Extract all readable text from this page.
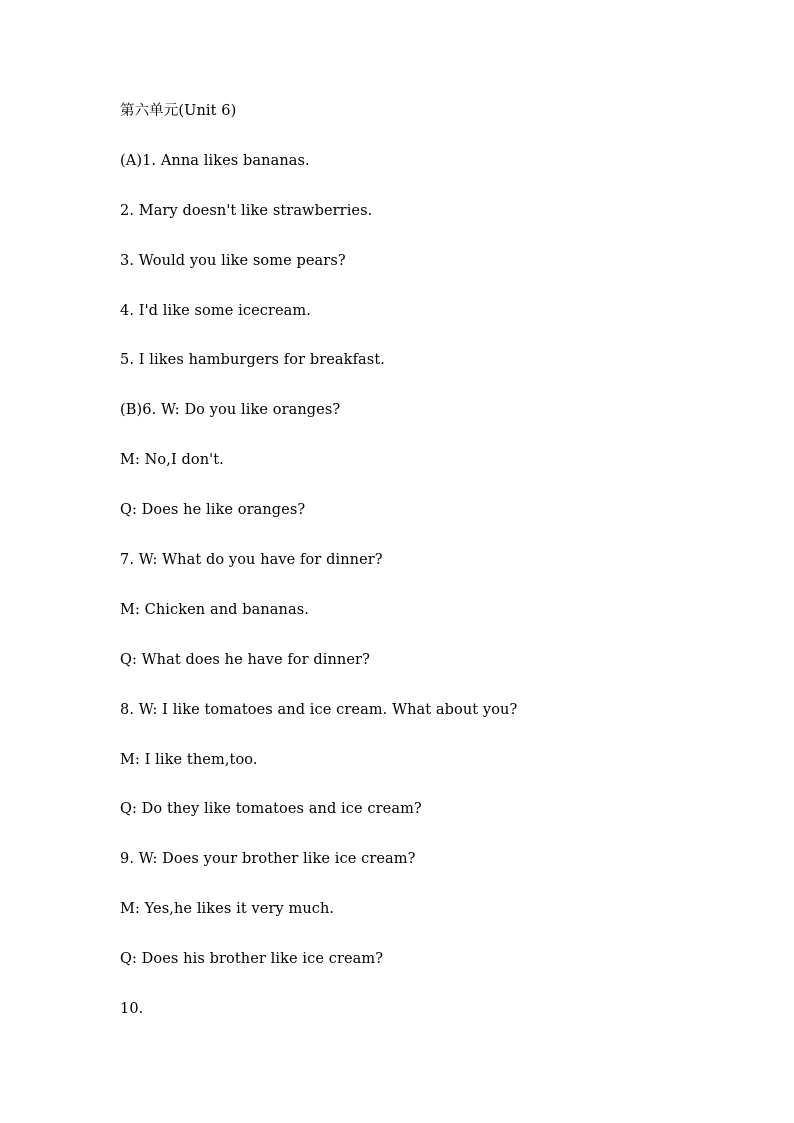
第六单元(Unit 6)
(A)1. Anna likes bananas.
2. Mary doesn't like strawberries.
3. Would you like some pears?
4. I'd like some icecream.
5. I likes hamburgers for breakfast.
(B)6. W: Do you like oranges?
M: No,I don't.
Q: Does he like oranges?
7. W: What do you have for dinner?
M: Chicken and bananas.
Q: What does he have for dinner?
8. W: I like tomatoes and ice cream. What about you?
M: I like them,too.
Q: Do they like tomatoes and ice cream?
9. W: Does your brother like ice cream?
M: Yes,he likes it very much.
Q: Does his brother like ice cream?
10.
